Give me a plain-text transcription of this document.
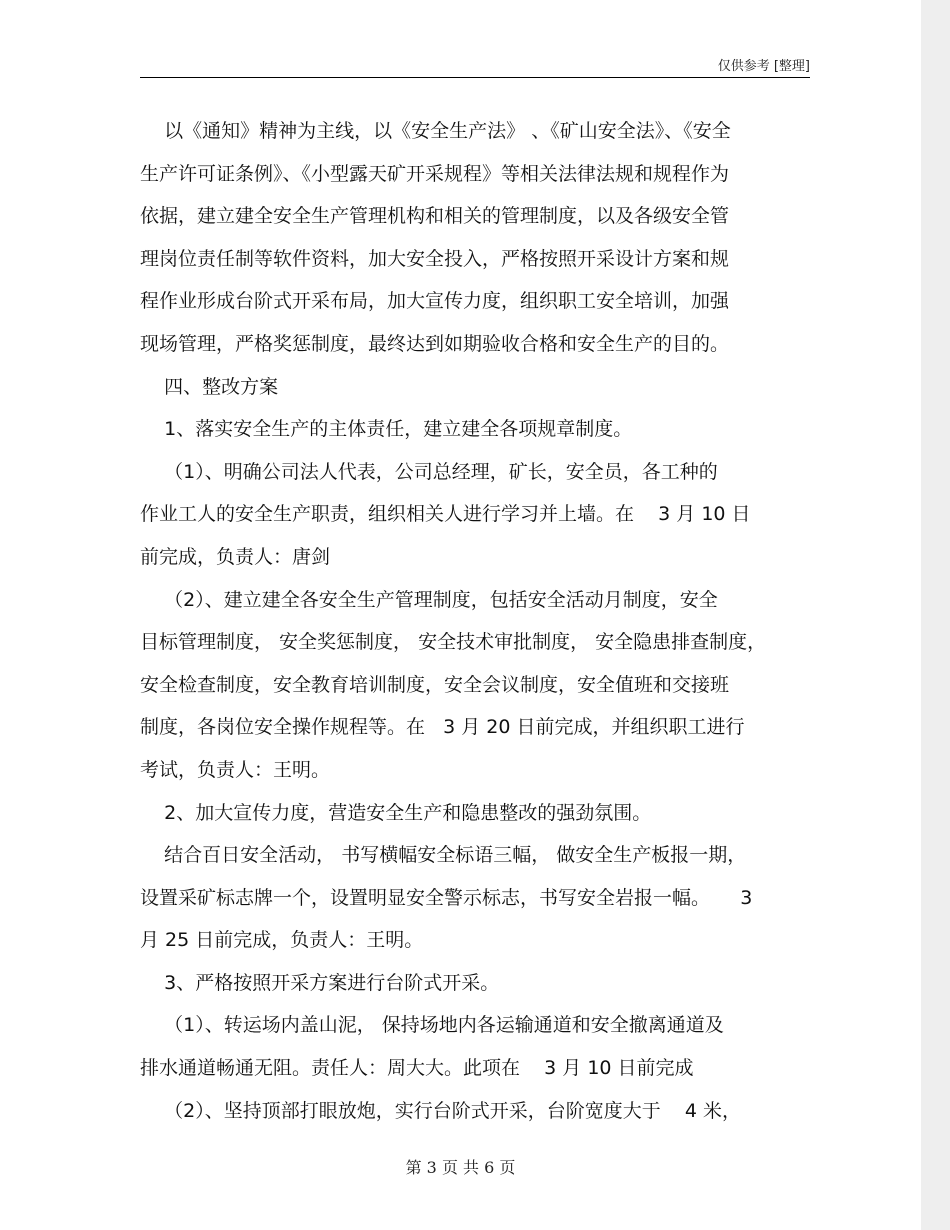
仅供参考 [整理]
以《通知》精神为主线，以《安全生产法》 、《矿山安全法》、《安全
生产许可证条例》、《小型露天矿开采规程》等相关法律法规和规程作为
依据，建立建全安全生产管理机构和相关的管理制度，以及各级安全管
理岗位责任制等软件资料，加大安全投入，严格按照开采设计方案和规
程作业形成台阶式开采布局，加大宣传力度，组织职工安全培训，加强
现场管理，严格奖惩制度，最终达到如期验收合格和安全生产的目的。
四、整改方案
1、落实安全生产的主体责任，建立建全各项规章制度。
（1）、明确公司法人代表，公司总经理，矿长，安全员，各工种的
作业工人的安全生产职责，组织相关人进行学习并上墙。在    3 月 10 日
前完成，负责人：唐剑
（2）、建立建全各安全生产管理制度，包括安全活动月制度，安全
目标管理制度， 安全奖惩制度， 安全技术审批制度， 安全隐患排查制度，
安全检查制度，安全教育培训制度，安全会议制度，安全值班和交接班
制度，各岗位安全操作规程等。在   3 月 20 日前完成，并组织职工进行
考试，负责人：王明。
2、加大宣传力度，营造安全生产和隐患整改的强劲氛围。
结合百日安全活动， 书写横幅安全标语三幅， 做安全生产板报一期，
设置采矿标志牌一个，设置明显安全警示标志，书写安全岩报一幅。     3
月 25 日前完成，负责人：王明。
3、严格按照开采方案进行台阶式开采。
（1）、转运场内盖山泥， 保持场地内各运输通道和安全撤离通道及
排水通道畅通无阻。责任人：周大大。此项在    3 月 10 日前完成
（2）、坚持顶部打眼放炮，实行台阶式开采，台阶宽度大于    4 米，
第 3 页 共 6 页
